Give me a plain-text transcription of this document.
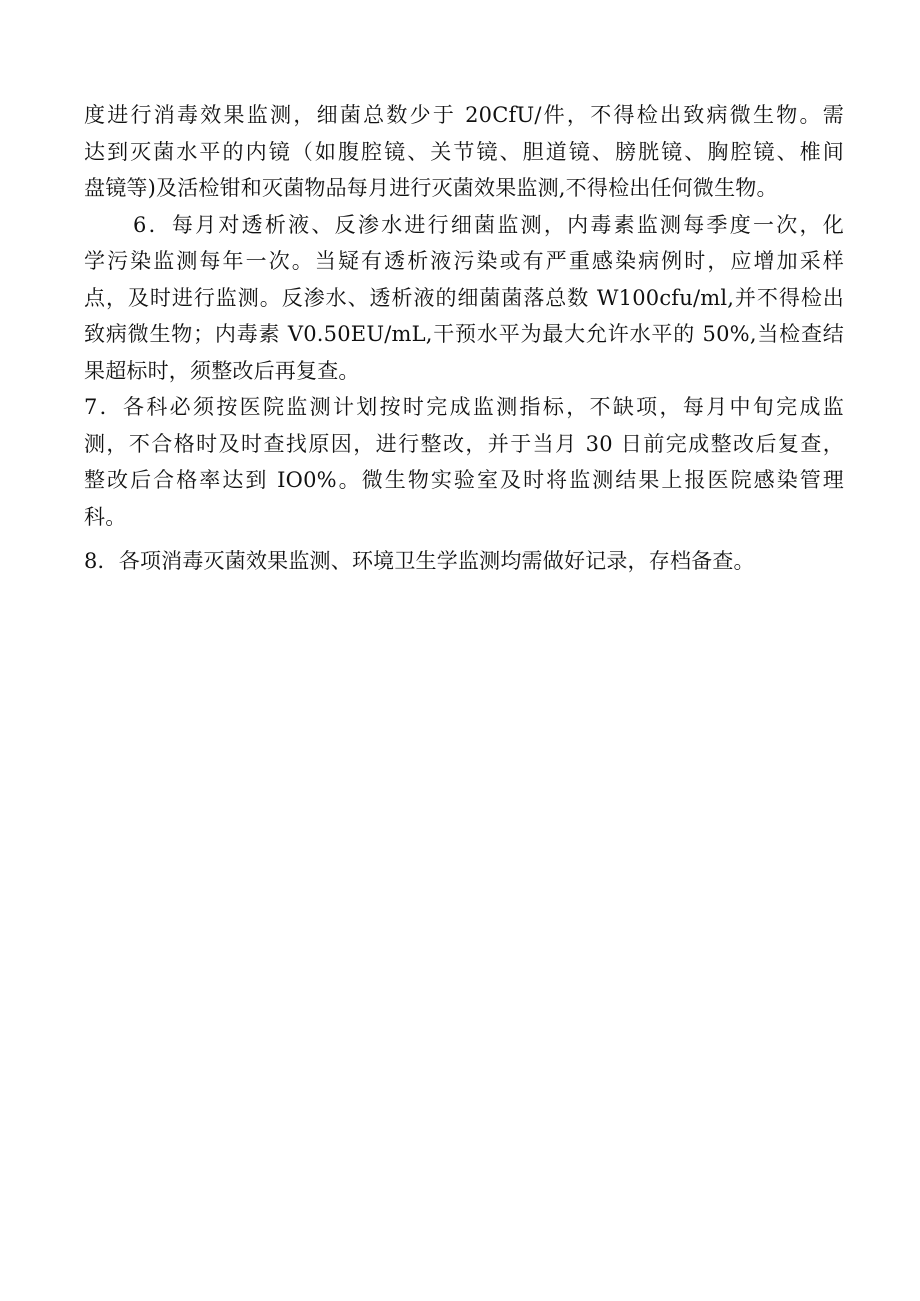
度进行消毒效果监测，细菌总数少于 20CfU/件，不得检出致病微生物。需
达到灭菌水平的内镜（如腹腔镜、关节镜、胆道镜、膀胱镜、胸腔镜、椎间
盘镜等)及活检钳和灭菌物品每月进行灭菌效果监测,不得检出任何微生物。
6．每月对透析液、反渗水进行细菌监测，内毒素监测每季度一次，化
学污染监测每年一次。当疑有透析液污染或有严重感染病例时，应增加采样
点，及时进行监测。反渗水、透析液的细菌菌落总数 W100cfu/ml,并不得检出
致病微生物；内毒素 V0.50EU/mL,干预水平为最大允许水平的 50%,当检查结
果超标时，须整改后再复查。
7．各科必须按医院监测计划按时完成监测指标，不缺项，每月中旬完成监
测，不合格时及时查找原因，进行整改，并于当月 30 日前完成整改后复查，
整改后合格率达到 IO0%。微生物实验室及时将监测结果上报医院感染管理
科。
8．各项消毒灭菌效果监测、环境卫生学监测均需做好记录，存档备查。
